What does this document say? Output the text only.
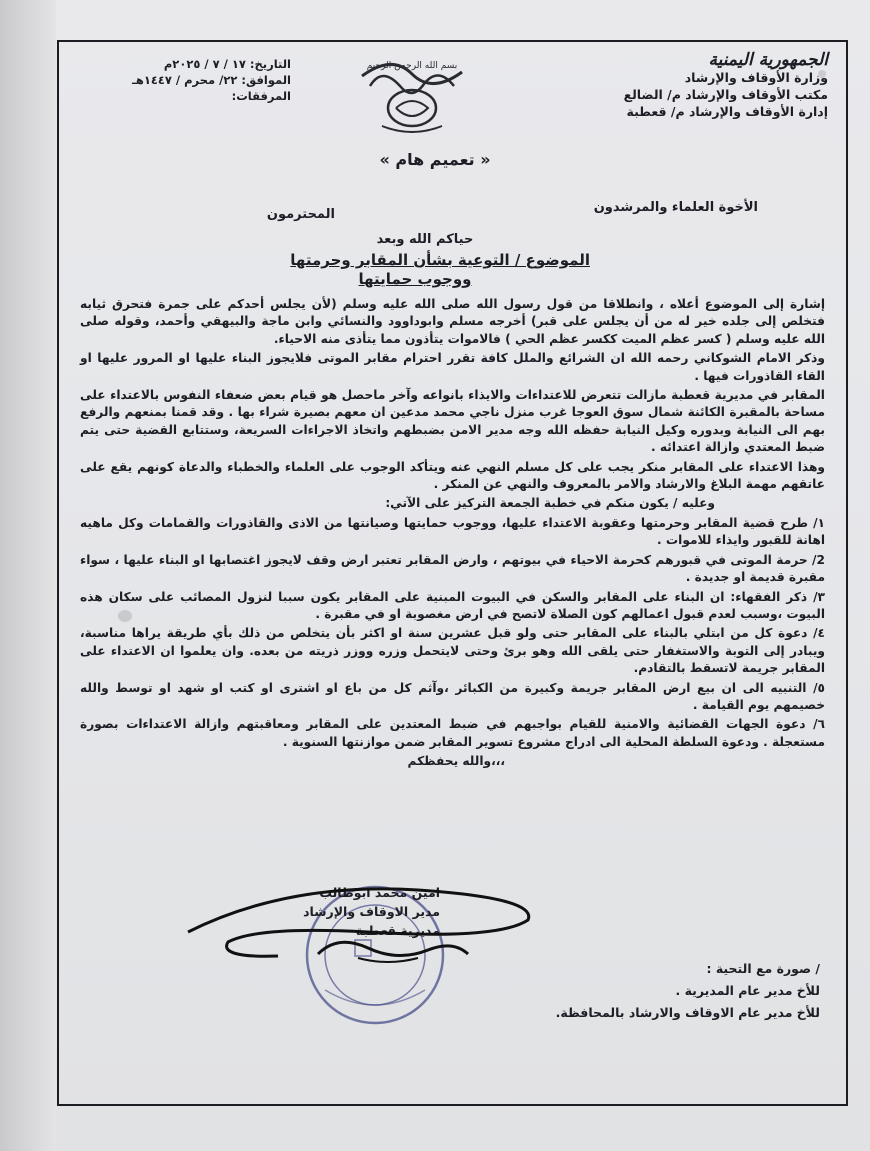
الجمهورية اليمنية
وزارة الأوقاف والإرشاد
مكتب الأوقاف والإرشاد م/ الضالع
إدارة الأوقاف والإرشاد م/ قعطبة
بسم الله الرحمن الرحيم
التاريخ: ١٧ / ٧ / ٢٠٢٥م
الموافق: ٢٢/ محرم / ١٤٤٧هـ
المرفقات:
« تعميم هام »
الأخوة العلماء والمرشدون
المحترمون
حياكم الله وبعد
الموضوع / التوعية بشأن المقابر وحرمتها
ووجوب حمايتها

إشارة إلى الموضوع أعلاه ، وانطلاقا من قول رسول الله صلى الله عليه وسلم (لأن يجلس أحدكم على جمرة فتحرق ثيابه فتخلص إلى جلده خير له من أن يجلس على قبر) أخرجه مسلم وابوداوود والنسائي وابن ماجة والبيهقي وأحمد، وقوله صلى الله عليه وسلم ( كسر عظم الميت ككسر عظم الحي ) فالاموات يتأذون مما يتأذى منه الاحياء.

وذكر الامام الشوكاني رحمه الله ان الشرائع والملل كافة تقرر احترام مقابر الموتى فلايجوز البناء عليها او المرور عليها او القاء القاذورات فيها .

المقابر في مديرية قعطبة مازالت تتعرض للاعتداءات والايذاء بانواعه وآخر ماحصل هو قيام بعض ضعفاء النفوس بالاعتداء على مساحة بالمقبرة الكائنة شمال سوق العوجا غرب منزل ناجي محمد مدعين ان معهم بصيرة شراء بها . وقد قمنا بمنعهم والرفع بهم الى النيابة وبدوره وكيل النيابة حفظه الله وجه مدير الامن بضبطهم واتخاذ الاجراءات السريعة، وستتابع القضية حتى يتم ضبط المعتدي وازالة اعتدائه .

وهذا الاعتداء على المقابر منكر يجب على كل مسلم النهي عنه ويتأكد الوجوب على العلماء والخطباء والدعاة كونهم يقع على عاتقهم مهمة البلاغ والارشاد والامر بالمعروف والنهي عن المنكر .

وعليه / يكون منكم في خطبة الجمعة التركيز على الآتي:

١/ طرح قضية المقابر وحرمتها وعقوبة الاعتداء عليها، ووجوب حمايتها وصيانتها من الاذى والقاذورات والقمامات وكل ماهيه اهانة للقبور وايذاء للاموات .

2/ حرمة الموتى في قبورهم كحرمة الاحياء في بيوتهم ، وارض المقابر تعتبر ارض وقف لايجوز اغتصابها او البناء عليها ، سواء مقبرة قديمة او جديدة .

٣/ ذكر الفقهاء: ان البناء على المقابر والسكن في البيوت المبنية على المقابر يكون سببا لنزول المصائب على سكان هذه البيوت ،وسبب لعدم قبول اعمالهم كون الصلاة لاتصح في ارض مغصوبة او في مقبرة .

٤/ دعوة كل من ابتلي بالبناء على المقابر حتى ولو قبل عشرين سنة او اكثر بأن يتخلص من ذلك بأي طريقة يراها مناسبة، ويبادر إلى التوبة والاستغفار حتى يلقى الله وهو برئ وحتى لايتحمل وزره ووزر ذريته من بعده. وان يعلموا ان الاعتداء على المقابر جريمة لاتسقط بالتقادم.

٥/ التنبيه الى ان بيع ارض المقابر جريمة وكبيرة من الكبائر ،وآثم كل من باع او اشترى او كتب او شهد او توسط والله خصيمهم يوم القيامة .

٦/ دعوة الجهات القضائية والامنية للقيام بواجبهم في ضبط المعتدين على المقابر ومعاقبتهم وازالة الاعتداءات بصورة مستعجلة . ودعوة السلطة المحلية الى ادراج مشروع تسوير المقابر ضمن موازنتها السنوية .

،،،والله يحفظكم

امين محمد ابوطالب
مدير الاوقاف والإرشاد
مديرية قعطبة
/ صورة مع التحية :
للأخ مدير عام المديرية .
للأخ مدير عام الاوقاف والارشاد بالمحافظة.
